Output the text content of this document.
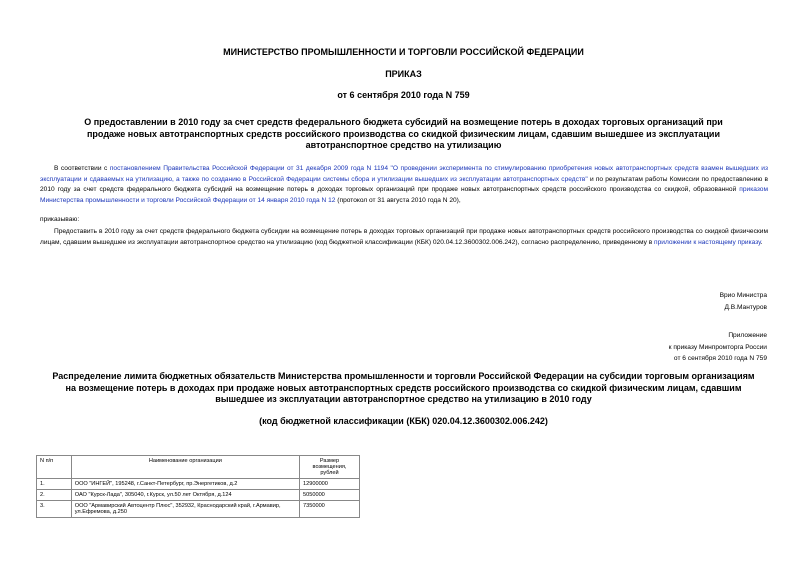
МИНИСТЕРСТВО ПРОМЫШЛЕННОСТИ И ТОРГОВЛИ РОССИЙСКОЙ ФЕДЕРАЦИИ
ПРИКАЗ
от 6 сентября 2010 года N 759
О предоставлении в 2010 году за счет средств федерального бюджета субсидий на возмещение потерь в доходах торговых организаций при продаже новых автотранспортных средств российского производства со скидкой физическим лицам, сдавшим вышедшее из эксплуатации автотранспортное средство на утилизацию
В соответствии с постановлением Правительства Российской Федерации от 31 декабря 2009 года N 1194 "О проведении эксперимента по стимулированию приобретения новых автотранспортных средств взамен вышедших из эксплуатации и сдаваемых на утилизацию, а также по созданию в Российской Федерации системы сбора и утилизации вышедших из эксплуатации автотранспортных средств" и по результатам работы Комиссии по предоставлению в 2010 году за счет средств федерального бюджета субсидий на возмещение потерь в доходах торговых организаций при продаже новых автотранспортных средств российского производства со скидкой, образованной приказом Министерства промышленности и торговли Российской Федерации от 14 января 2010 года N 12 (протокол от 31 августа 2010 года N 20),
приказываю:
Предоставить в 2010 году за счет средств федерального бюджета субсидии на возмещение потерь в доходах торговых организаций при продаже новых автотранспортных средств российского производства со скидкой физическим лицам, сдавшим вышедшее из эксплуатации автотранспортное средство на утилизацию (код бюджетной классификации (КБК) 020.04.12.3600302.006.242), согласно распределению, приведенному в приложении к настоящему приказу.
Врио Министра
Д.В.Мантуров
Приложение
к приказу Минпромторга России
от 6 сентября 2010 года N 759
Распределение лимита бюджетных обязательств Министерства промышленности и торговли Российской Федерации на субсидии торговым организациям на возмещение потерь в доходах при продаже новых автотранспортных средств российского производства со скидкой физическим лицам, сдавшим вышедшее из эксплуатации автотранспортное средство на утилизацию в 2010 году
(код бюджетной классификации (КБК) 020.04.12.3600302.006.242)
N п/п	Наименование организации	Размер возмещения, рублей
1.	ООО "ИНГЕЙ", 195248, г.Санкт-Петербург, пр.Энергетиков, д.2	12900000
2.	ОАО "Курск-Лада", 305040, г.Курск, ул.50 лет Октября, д.124	5050000
3.	ООО "Армавирский Автоцентр Плюс", 352932, Краснодарский край, г.Армавир, ул.Ефремова, д.250	7350000
